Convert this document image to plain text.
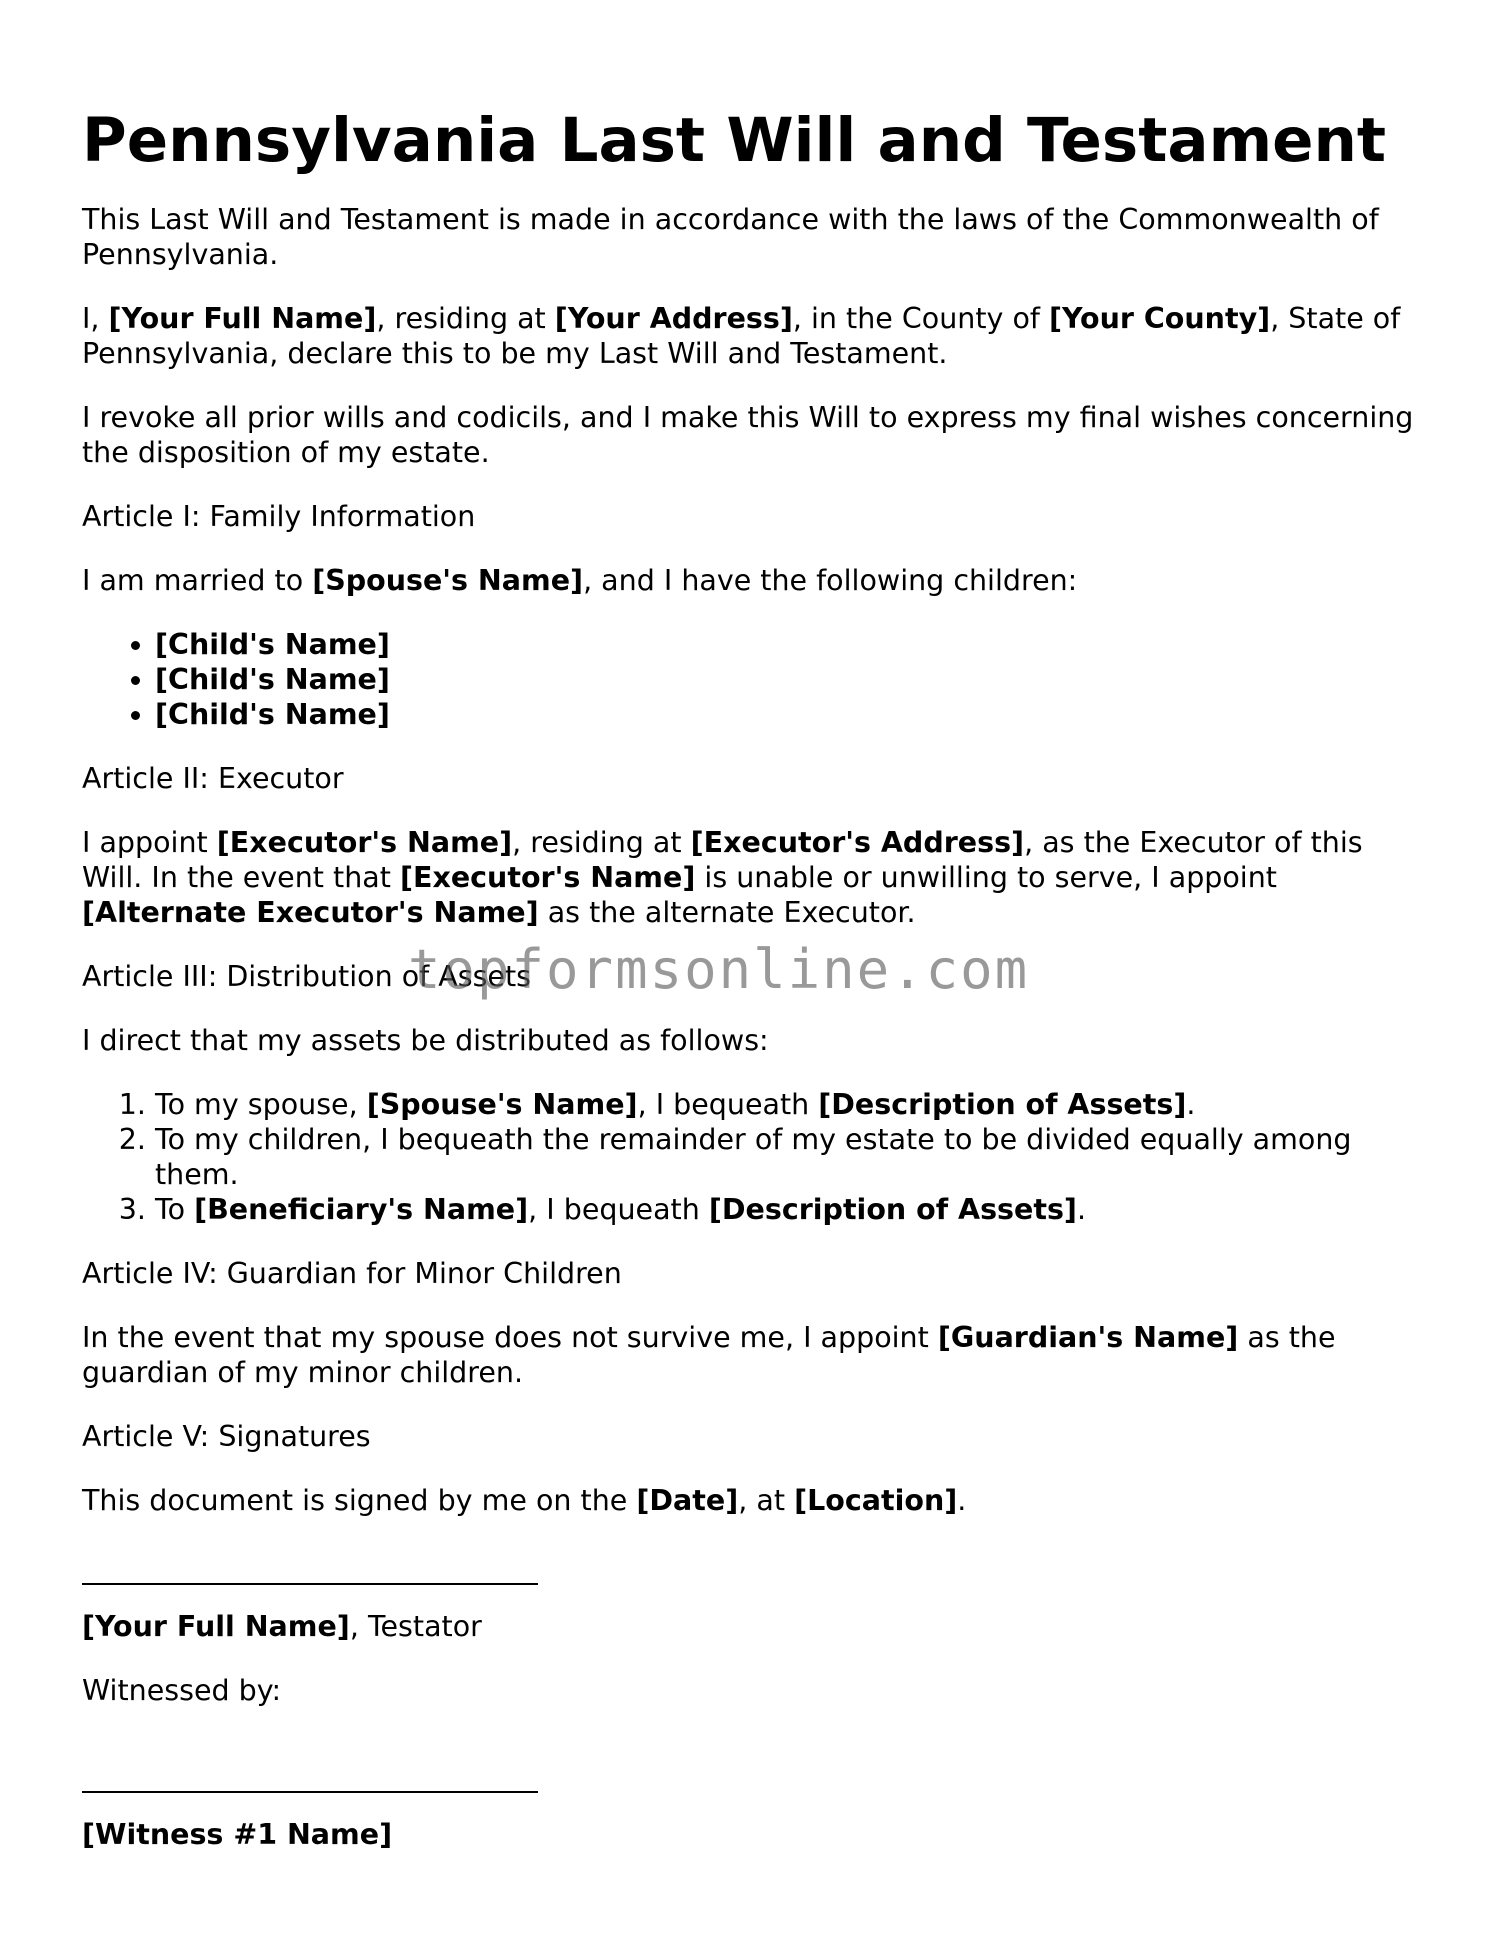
Pennsylvania Last Will and Testament

This Last Will and Testament is made in accordance with the laws of the Commonwealth of Pennsylvania.

I, [Your Full Name], residing at [Your Address], in the County of [Your County], State of Pennsylvania, declare this to be my Last Will and Testament.

I revoke all prior wills and codicils, and I make this Will to express my final wishes concerning the disposition of my estate.

Article I: Family Information

I am married to [Spouse's Name], and I have the following children:

• [Child's Name]
• [Child's Name]
• [Child's Name]

Article II: Executor

I appoint [Executor's Name], residing at [Executor's Address], as the Executor of this Will. In the event that [Executor's Name] is unable or unwilling to serve, I appoint [Alternate Executor's Name] as the alternate Executor.

Article III: Distribution of Assets

I direct that my assets be distributed as follows:

1. To my spouse, [Spouse's Name], I bequeath [Description of Assets].
2. To my children, I bequeath the remainder of my estate to be divided equally among them.
3. To [Beneficiary's Name], I bequeath [Description of Assets].

Article IV: Guardian for Minor Children

In the event that my spouse does not survive me, I appoint [Guardian's Name] as the guardian of my minor children.

Article V: Signatures

This document is signed by me on the [Date], at [Location].

[Your Full Name], Testator

Witnessed by:

[Witness #1 Name]

topformsonline.com
